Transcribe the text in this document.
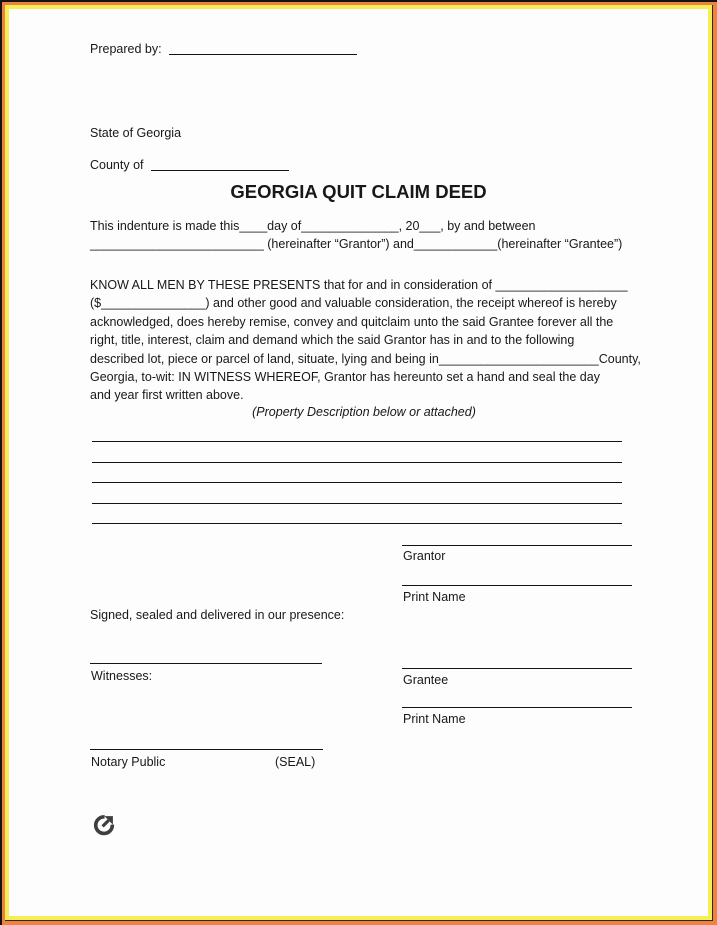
Prepared by:
State of Georgia
County of
GEORGIA QUIT CLAIM DEED
This indenture is made this____day of______________, 20___, by and between
_________________________ (hereinafter “Grantor”) and____________(hereinafter “Grantee”)
KNOW ALL MEN BY THESE PRESENTS that for and in consideration of ___________________
($_______________) and other good and valuable consideration, the receipt whereof is hereby
acknowledged, does hereby remise, convey and quitclaim unto the said Grantee forever all the
right, title, interest, claim and demand which the said Grantor has in and to the following
described lot, piece or parcel of land, situate, lying and being in_______________________County,
Georgia, to-wit: IN WITNESS WHEREOF, Grantor has hereunto set a hand and seal the day
and year first written above.
(Property Description below or attached)
Grantor
Print Name
Signed, sealed and delivered in our presence:
Witnesses:	Grantee
Print Name
Notary Public	(SEAL)
